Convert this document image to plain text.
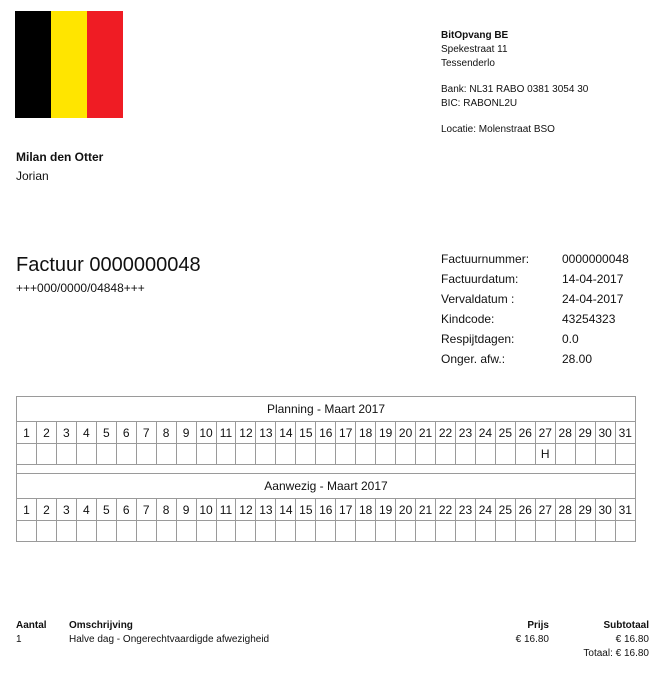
BitOpvang BE
Spekestraat 11
Tessenderlo
Bank: NL31 RABO 0381 3054 30
BIC: RABONL2U
Locatie: Molenstraat BSO
Milan den Otter
Jorian
Factuur 0000000048
+++000/0000/04848+++
Factuurnummer:	0000000048
Factuurdatum:	14-04-2017
Vervaldatum :	24-04-2017
Kindcode:	43254323
Respijtdagen:	0.0
Onger. afw.:	28.00
Planning - Maart 2017																														
1	2	3	4	5	6	7	8	9	10	11	12	13	14	15	16	17	18	19	20	21	22	23	24	25	26	27	28	29	30	31
																										H				

Aanwezig - Maart 2017																														
1	2	3	4	5	6	7	8	9	10	11	12	13	14	15	16	17	18	19	20	21	22	23	24	25	26	27	28	29	30	31

Aantal	Omschrijving	Prijs	Subtotaal
1	Halve dag - Ongerechtvaardigde afwezigheid	€ 16.80	€ 16.80
Totaal: € 16.80			
